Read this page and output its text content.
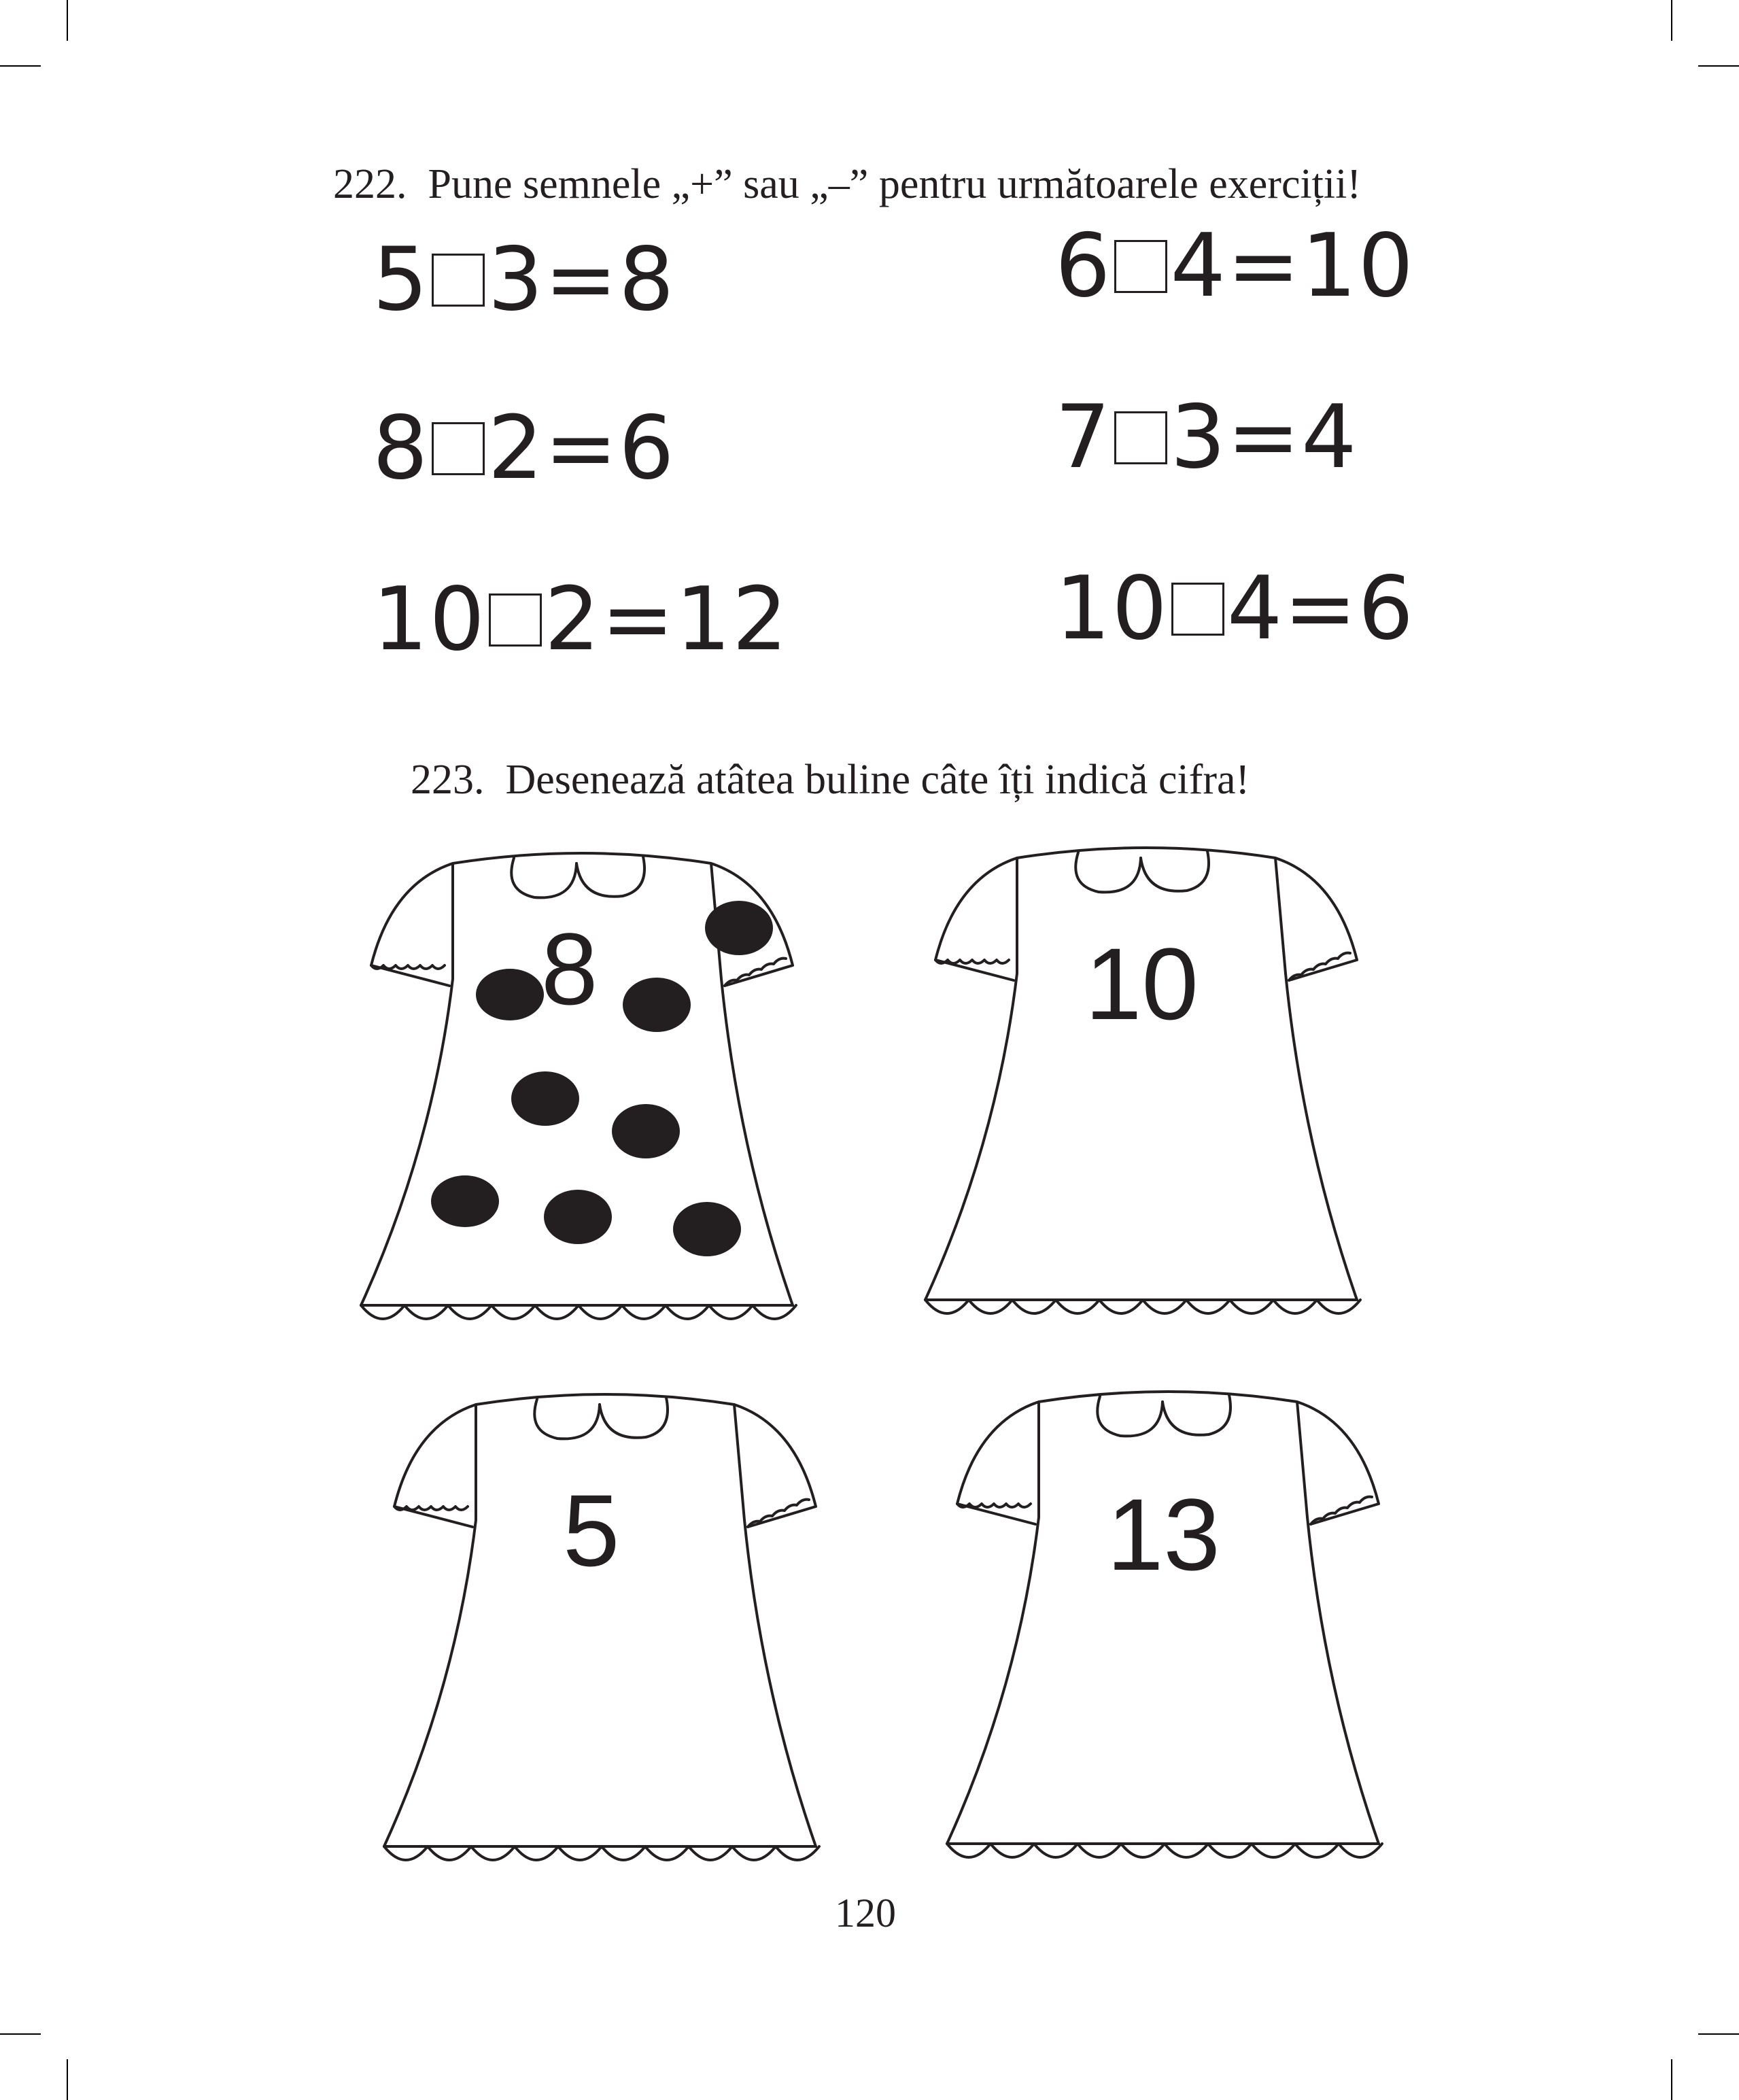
222. Pune semnele „+” sau „–” pentru următoarele exerciții!
5 3=8	6 4=10
8 2=6	7 3=4
10 2=12	10 4=6
223. Desenează atâtea buline câte îți indică cifra!
8	10
5	13
120
